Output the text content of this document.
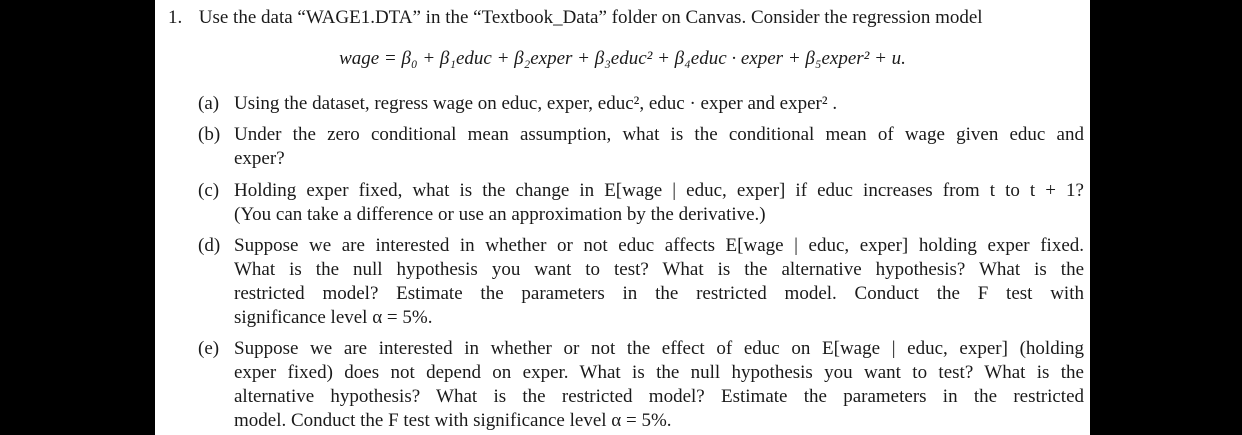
1. Use the data “WAGE1.DTA” in the “Textbook_Data” folder on Canvas. Consider the regression model
wage = β₀ + β₁educ + β₂exper + β₃educ² + β₄educ · exper + β₅exper² + u.
(a) Using the dataset, regress wage on educ, exper, educ², educ · exper and exper² .
(b) Under the zero conditional mean assumption, what is the conditional mean of wage given educ and
exper?
(c) Holding exper fixed, what is the change in E[wage | educ, exper] if educ increases from t to t + 1?
(You can take a difference or use an approximation by the derivative.)
(d) Suppose we are interested in whether or not educ affects E[wage | educ, exper] holding exper fixed.
What is the null hypothesis you want to test? What is the alternative hypothesis? What is the
restricted model? Estimate the parameters in the restricted model. Conduct the F test with
significance level α = 5%.
(e) Suppose we are interested in whether or not the effect of educ on E[wage | educ, exper] (holding
exper fixed) does not depend on exper. What is the null hypothesis you want to test? What is the
alternative hypothesis? What is the restricted model? Estimate the parameters in the restricted
model. Conduct the F test with significance level α = 5%.
